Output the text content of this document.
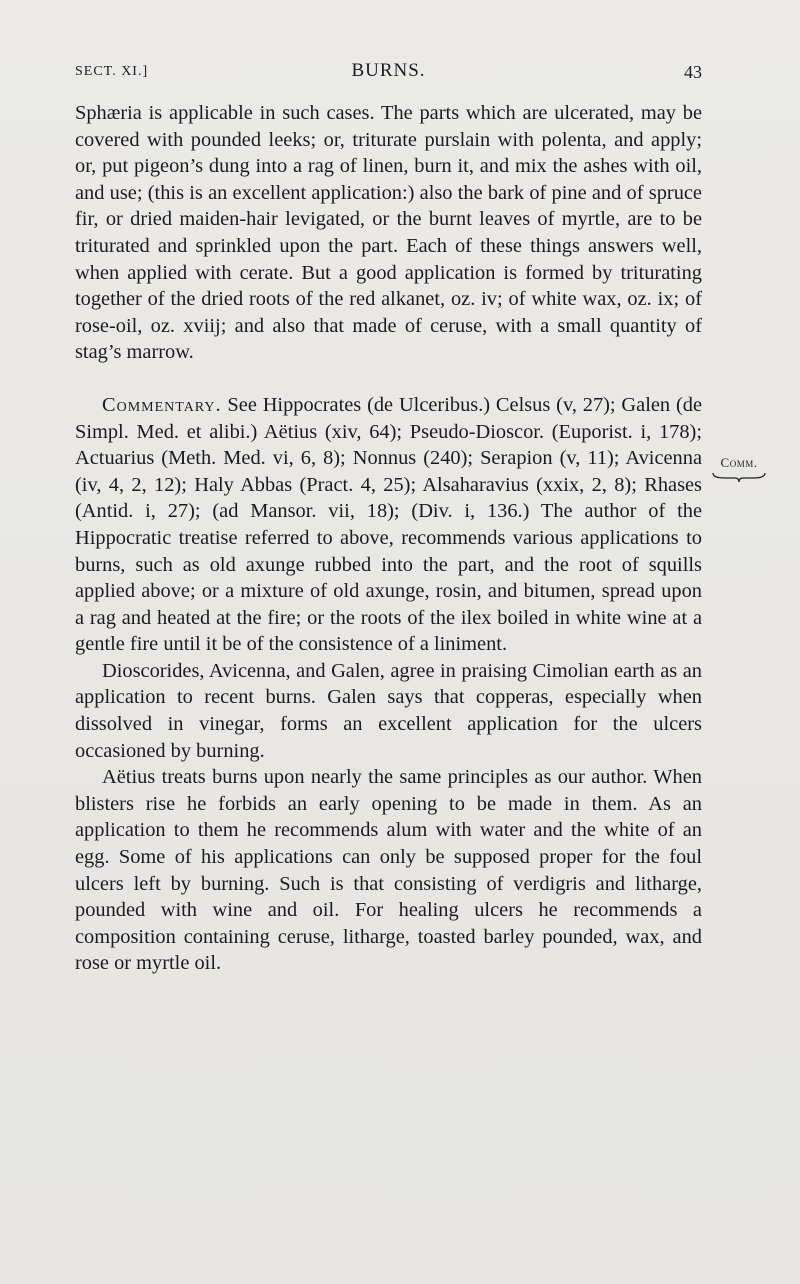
SECT. XI.]	BURNS.	43

Sphæria is applicable in such cases. The parts which are ulcerated, may be covered with pounded leeks; or, triturate purslain with polenta, and apply; or, put pigeon’s dung into a rag of linen, burn it, and mix the ashes with oil, and use; (this is an excellent application:) also the bark of pine and of spruce fir, or dried maiden-hair levigated, or the burnt leaves of myrtle, are to be triturated and sprinkled upon the part. Each of these things answers well, when applied with cerate. But a good application is formed by triturating together of the dried roots of the red alkanet, oz. iv; of white wax, oz. ix; of rose-oil, oz. xviij; and also that made of ceruse, with a small quantity of stag’s marrow.

Commentary. See Hippocrates (de Ulceribus.) Celsus (v, 27); Galen (de Simpl. Med. et alibi.) Aëtius (xiv, 64); Pseudo-Dioscor. (Euporist. i, 178); Actuarius (Meth. Med. vi, 6, 8); Nonnus (240); Serapion (v, 11); Avicenna (iv, 4, 2, 12); Haly Abbas (Pract. 4, 25); Alsaharavius (xxix, 2, 8); Rhases (Antid. i, 27); (ad Mansor. vii, 18); (Div. i, 136.) The author of the Hippocratic treatise referred to above, recommends various applications to burns, such as old axunge rubbed into the part, and the root of squills applied above; or a mixture of old axunge, rosin, and bitumen, spread upon a rag and heated at the fire; or the roots of the ilex boiled in white wine at a gentle fire until it be of the consistence of a liniment.

Dioscorides, Avicenna, and Galen, agree in praising Cimolian earth as an application to recent burns. Galen says that copperas, especially when dissolved in vinegar, forms an excellent application for the ulcers occasioned by burning.

Aëtius treats burns upon nearly the same principles as our author. When blisters rise he forbids an early opening to be made in them. As an application to them he recommends alum with water and the white of an egg. Some of his applications can only be supposed proper for the foul ulcers left by burning. Such is that consisting of verdigris and litharge, pounded with wine and oil. For healing ulcers he recommends a composition containing ceruse, litharge, toasted barley pounded, wax, and rose or myrtle oil.

Comm.
